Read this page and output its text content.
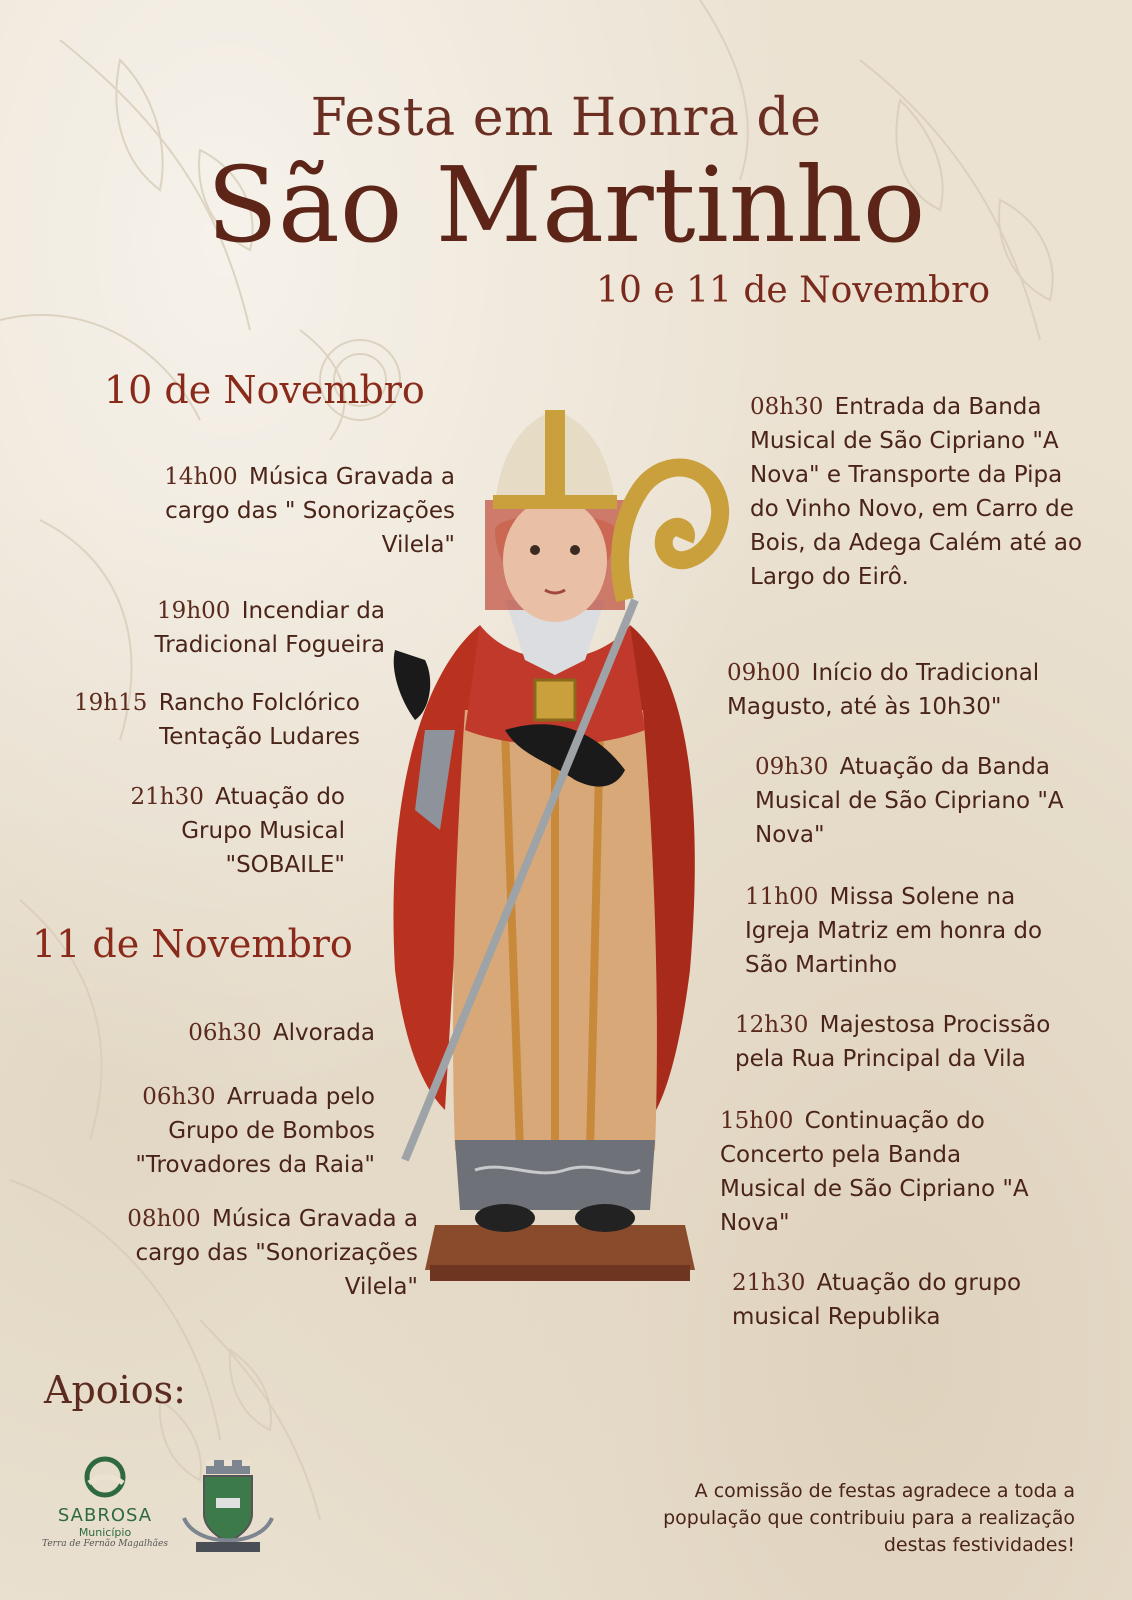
Festa em Honra de
São Martinho
10 e 11 de Novembro
10 de Novembro
14h00 Música Gravada a cargo das " Sonorizações Vilela"
19h00 Incendiar da Tradicional Fogueira
19h15 Rancho Folclórico Tentação Ludares
21h30 Atuação do Grupo Musical "SOBAILE"
11 de Novembro
06h30 Alvorada
06h30 Arruada pelo Grupo de Bombos "Trovadores da Raia"
08h00 Música Gravada a cargo das "Sonorizações Vilela"
08h30 Entrada da Banda Musical de São Cipriano "A Nova" e Transporte da Pipa do Vinho Novo, em Carro de Bois, da Adega Calém até ao Largo do Eirô.
09h00 Início do Tradicional Magusto, até às 10h30"
09h30 Atuação da Banda Musical de São Cipriano "A Nova"
11h00 Missa Solene na Igreja Matriz em honra do São Martinho
12h30 Majestosa Procissão pela Rua Principal da Vila
15h00 Continuação do Concerto pela Banda Musical de São Cipriano "A Nova"
21h30 Atuação do grupo musical Republika
Apoios:
SABROSA
Município
Terra de Fernão Magalhães
A comissão de festas agradece a toda a população que contribuiu para a realização destas festividades!
